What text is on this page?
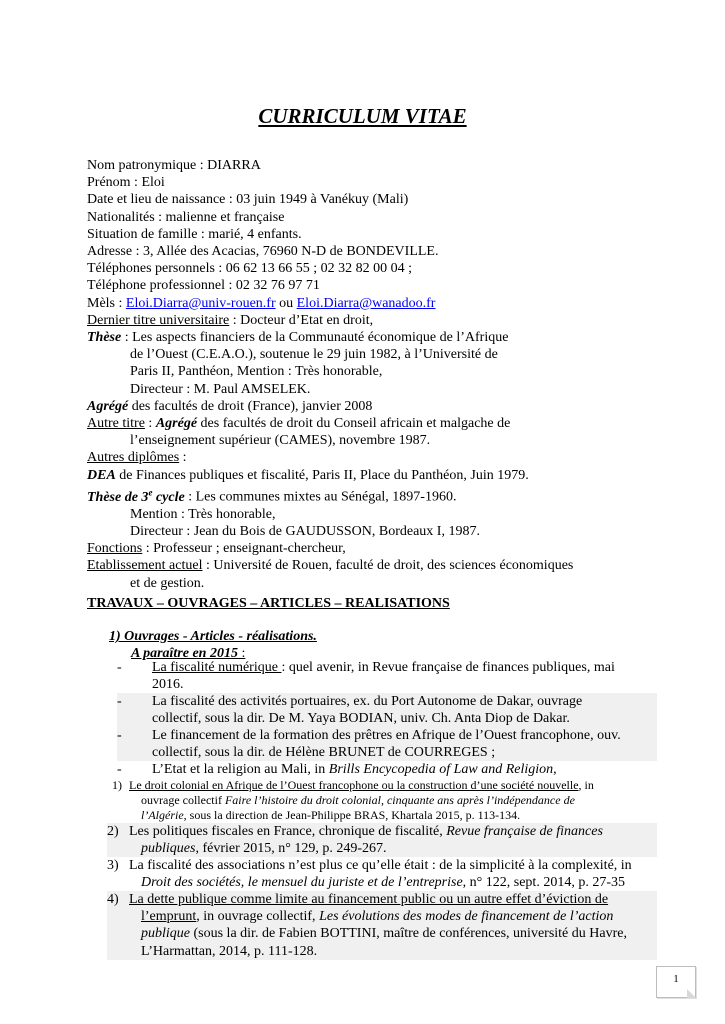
CURRICULUM VITAE
Nom patronymique : DIARRA
Prénom : Eloi
Date et lieu de naissance : 03 juin 1949 à Vanékuy (Mali)
Nationalités : malienne et française
Situation de famille : marié, 4 enfants.
Adresse : 3, Allée des Acacias, 76960 N-D de BONDEVILLE.
Téléphones personnels : 06 62 13 66 55 ; 02 32 82 00 04 ;
Téléphone professionnel : 02 32 76 97 71
Mèls : Eloi.Diarra@univ-rouen.fr ou Eloi.Diarra@wanadoo.fr
Dernier titre universitaire : Docteur d’Etat en droit,
Thèse : Les aspects financiers de la Communauté économique de l’Afrique
de l’Ouest (C.E.A.O.), soutenue le 29 juin 1982, à l’Université de
Paris II, Panthéon, Mention : Très honorable,
Directeur : M. Paul AMSELEK.
Agrégé des facultés de droit (France), janvier 2008
Autre titre : Agrégé des facultés de droit du Conseil africain et malgache de
l’enseignement supérieur (CAMES), novembre 1987.
Autres diplômes :
DEA de Finances publiques et fiscalité, Paris II, Place du Panthéon, Juin 1979.
Thèse de 3e cycle : Les communes mixtes au Sénégal, 1897-1960.
Mention : Très honorable,
Directeur : Jean du Bois de GAUDUSSON, Bordeaux I, 1987.
Fonctions : Professeur ; enseignant-chercheur,
Etablissement actuel : Université de Rouen, faculté de droit, des sciences économiques
et de gestion.
TRAVAUX – OUVRAGES – ARTICLES – REALISATIONS
1) Ouvrages - Articles - réalisations.
A paraître en 2015 :
- La fiscalité numérique : quel avenir, in Revue française de finances publiques, mai
2016.
- La fiscalité des activités portuaires, ex. du Port Autonome de Dakar, ouvrage
collectif, sous la dir. De M. Yaya BODIAN, univ. Ch. Anta Diop de Dakar.
- Le financement de la formation des prêtres en Afrique de l’Ouest francophone, ouv.
collectif, sous la dir. de Hélène BRUNET de COURREGES ;
- L’Etat et la religion au Mali, in Brills Encycopedia of Law and Religion,
1) Le droit colonial en Afrique de l’Ouest francophone ou la construction d’une société nouvelle, in
ouvrage collectif Faire l’histoire du droit colonial, cinquante ans après l’indépendance de
l’Algérie, sous la direction de Jean-Philippe BRAS, Khartala 2015, p. 113-134.
2) Les politiques fiscales en France, chronique de fiscalité, Revue française de finances
publiques, février 2015, n° 129, p. 249-267.
3) La fiscalité des associations n’est plus ce qu’elle était : de la simplicité à la complexité, in
Droit des sociétés, le mensuel du juriste et de l’entreprise, n° 122, sept. 2014, p. 27-35
4) La dette publique comme limite au financement public ou un autre effet d’éviction de
l’emprunt, in ouvrage collectif, Les évolutions des modes de financement de l’action
publique (sous la dir. de Fabien BOTTINI, maître de conférences, université du Havre,
L’Harmattan, 2014, p. 111-128.
1
